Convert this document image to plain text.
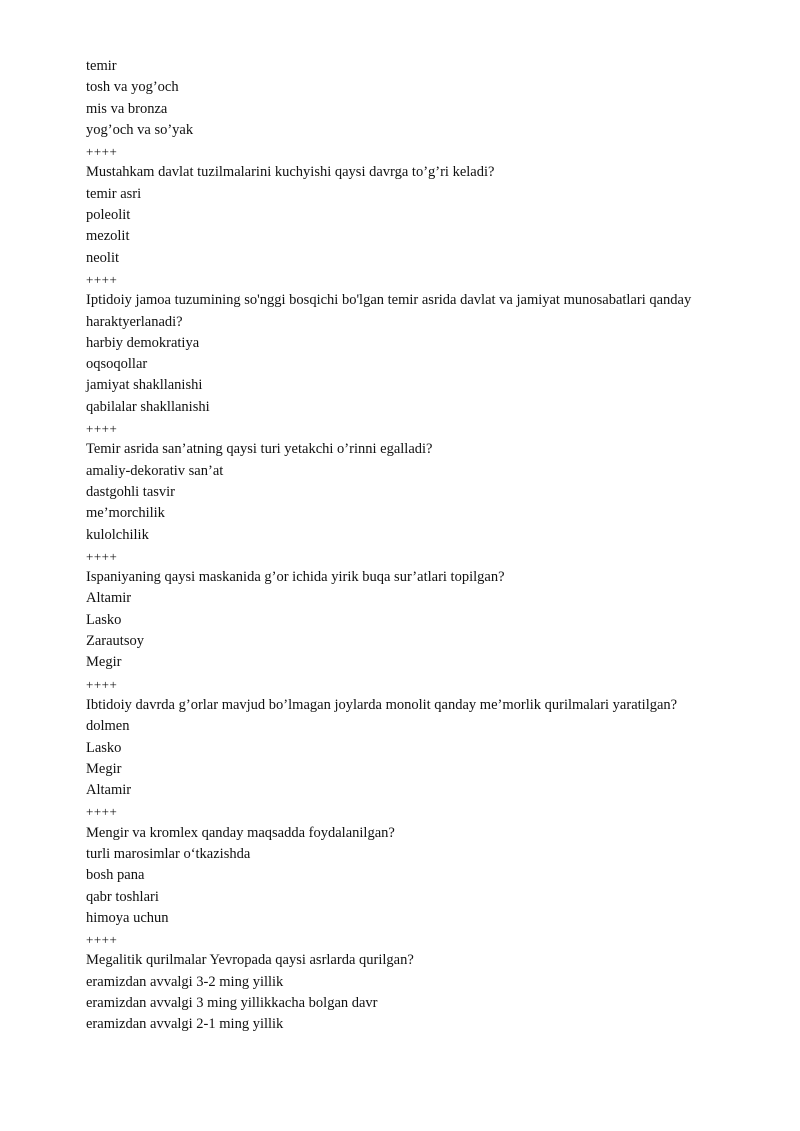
temir
tosh va yog’och
mis va bronza
yog’och va so’yak
++++
Mustahkam davlat tuzilmalarini kuchyishi qaysi davrga to’g’ri keladi?
temir asri
poleolit
mezolit
neolit
++++
Iptidoiy jamoa tuzumining so'nggi bosqichi bo'lgan temir asrida davlat va jamiyat munosabatlari qanday haraktyerlanadi?
harbiy demokratiya
oqsoqollar
jamiyat shakllanishi
qabilalar shakllanishi
++++
Temir asrida san’atning qaysi turi yetakchi o’rinni egalladi?
amaliy-dekorativ san’at
dastgohli tasvir
me’morchilik
kulolchilik
++++
Ispaniyaning qaysi maskanida g’or ichida yirik buqa sur’atlari topilgan?
Altamir
Lasko
Zarautsoy
Megir
++++
Ibtidoiy davrda g’orlar mavjud bo’lmagan joylarda monolit qanday me’morlik qurilmalari yaratilgan?
dolmen
Lasko
Megir
Altamir
++++
Mengir va kromlex qanday maqsadda foydalanilgan?
turli marosimlar o‘tkazishda
bosh pana
qabr toshlari
himoya uchun
++++
Megalitik qurilmalar Yevropada qaysi asrlarda qurilgan?
eramizdan avvalgi 3-2 ming yillik
eramizdan avvalgi 3 ming yillikkacha bolgan davr
eramizdan avvalgi 2-1 ming yillik
